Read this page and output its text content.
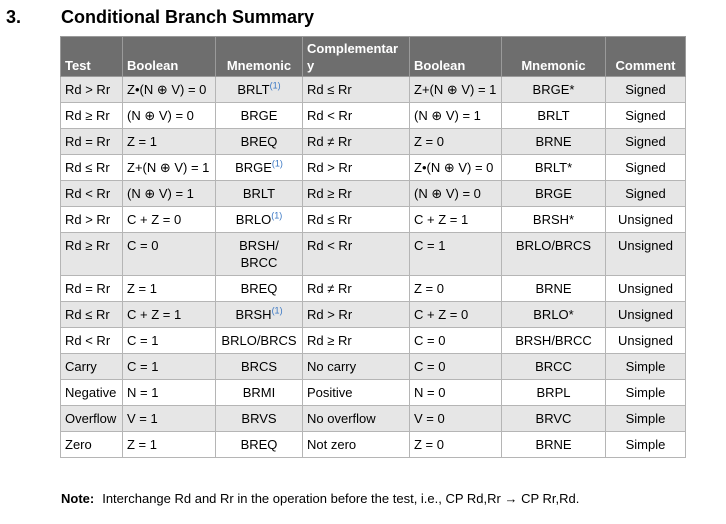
3. Conditional Branch Summary
Test	Boolean	Mnemonic	Complementary	Boolean	Mnemonic	Comment
Rd > Rr	Z•(N ⊕ V) = 0	BRLT$^{(1)}$	Rd ≤ Rr	Z+(N ⊕ V) = 1	BRGE*	Signed
Rd ≥ Rr	(N ⊕ V) = 0	BRGE	Rd < Rr	(N ⊕ V) = 1	BRLT	Signed
Rd = Rr	Z = 1	BREQ	Rd ≠ Rr	Z = 0	BRNE	Signed
Rd ≤ Rr	Z+(N ⊕ V) = 1	BRGE$^{(1)}$	Rd > Rr	Z•(N ⊕ V) = 0	BRLT*	Signed
Rd < Rr	(N ⊕ V) = 1	BRLT	Rd ≥ Rr	(N ⊕ V) = 0	BRGE	Signed
Rd > Rr	C + Z = 0	BRLO$^{(1)}$	Rd ≤ Rr	C + Z = 1	BRSH*	Unsigned
Rd ≥ Rr	C = 0	BRSH/ BRCC	Rd < Rr	C = 1	BRLO/BRCS	Unsigned
Rd = Rr	Z = 1	BREQ	Rd ≠ Rr	Z = 0	BRNE	Unsigned
Rd ≤ Rr	C + Z = 1	BRSH$^{(1)}$	Rd > Rr	C + Z = 0	BRLO*	Unsigned
Rd < Rr	C = 1	BRLO/BRCS	Rd ≥ Rr	C = 0	BRSH/BRCC	Unsigned
Carry	C = 1	BRCS	No carry	C = 0	BRCC	Simple
Negative	N = 1	BRMI	Positive	N = 0	BRPL	Simple
Overflow	V = 1	BRVS	No overflow	V = 0	BRVC	Simple
Zero	Z = 1	BREQ	Not zero	Z = 0	BRNE	Simple
Note: Interchange Rd and Rr in the operation before the test, i.e., CP Rd,Rr → CP Rr,Rd.
